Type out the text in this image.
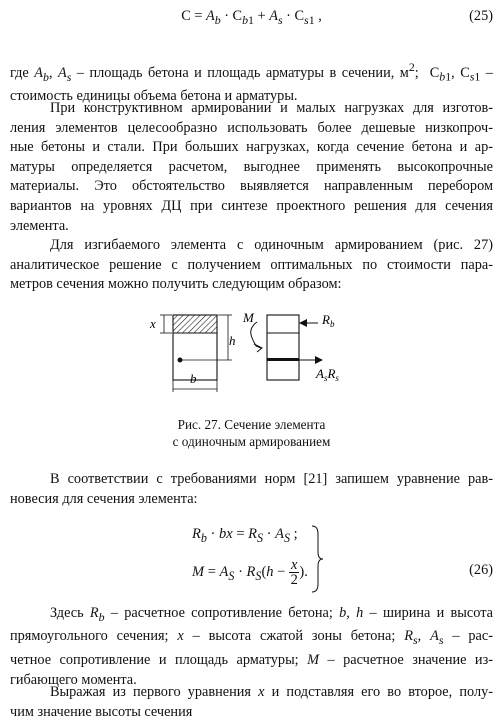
$C = A_b \cdot C_{b1} + A_s \cdot C_{s1}$ ,	(25)
где $A_b$, $A_s$ – площадь бетона и площадь арматуры в сечении, $м^2$;  $C_{b1}$, $C_{s1}$ –
стоимость единицы объема бетона и арматуры.
При конструктивном армировании и малых нагрузках для изготов-
ления элементов целесообразно использовать более дешевые низкопроч-
ные бетоны и стали. При больших нагрузках, когда сечение бетона и ар-
матуры определяется расчетом, выгоднее применять высокопрочные
материалы. Это обстоятельство выявляется направленным перебором
вариантов на уровнях ДЦ при синтезе проектного решения для сечения
элемента.
Для изгибаемого элемента с одиночным армированием (рис. 27)
аналитическое решение с получением оптимальных по стоимости пара-
метров сечения можно получить следующим образом:
x
h
b
M	$R_b$
$A_sR_s$
Рис. 27. Сечение элемента
с одиночным армированием
В соответствии с требованиями норм [21] запишем уравнение рав-
новесия для сечения элемента:
$R_b$ · bx = $R_S \cdot A_S$ ;
$M = A_S \cdot R_S(h - \frac{x}{2}$ ).	(26)
Здесь $R_b$ – расчетное сопротивление бетона; b, h – ширина и высота
прямоугольного сечения; x – высота сжатой зоны бетона; $R_s$, $A_s - рас-$
четное сопротивление и площадь арматуры; M – расчетное значение из-
гибающего момента.
Выражая из первого уравнения x и подставляя его во второе, полу-
чим значение высоты сечения
